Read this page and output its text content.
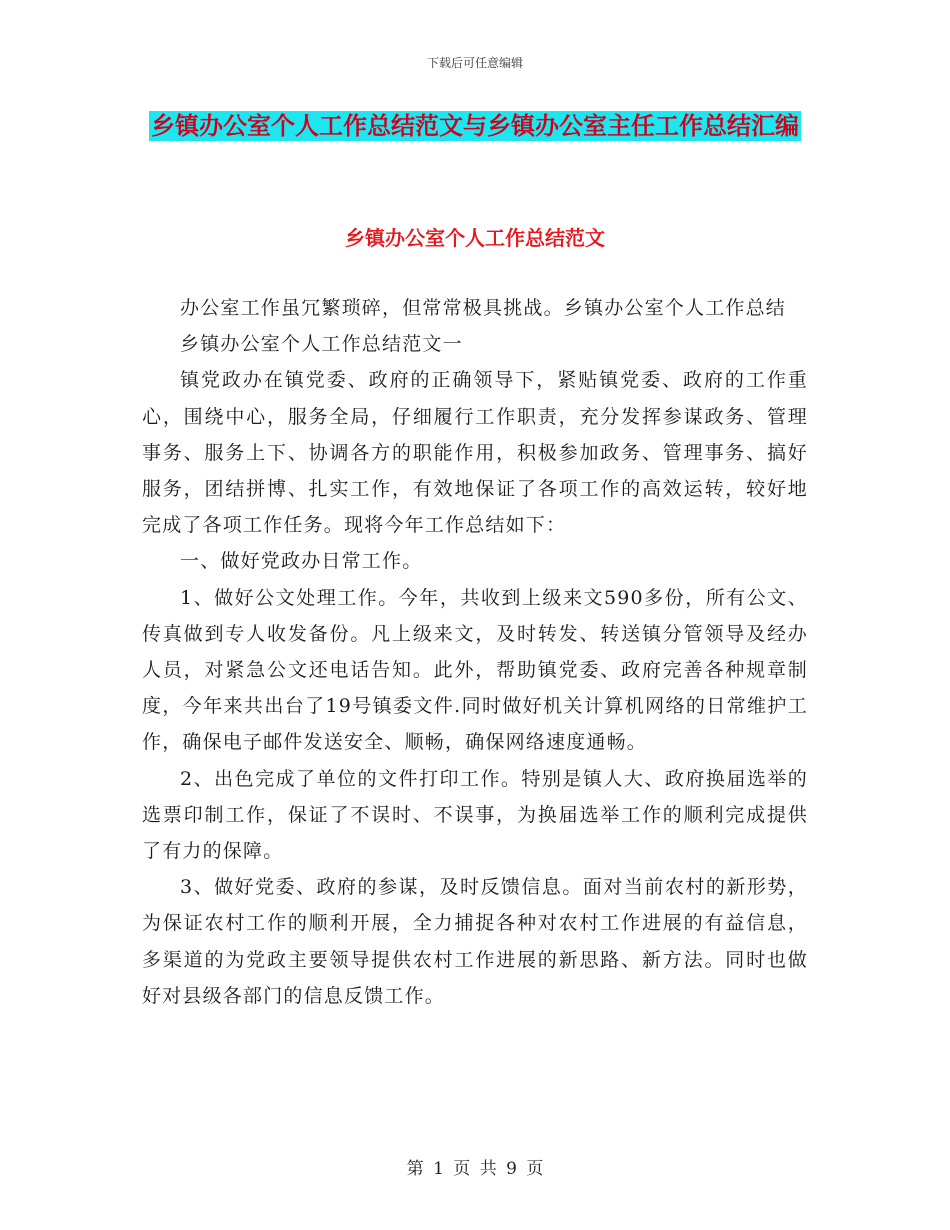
下载后可任意编辑
乡镇办公室个人工作总结范文与乡镇办公室主任工作总结汇编
乡镇办公室个人工作总结范文

办公室工作虽冗繁琐碎，但常常极具挑战。乡镇办公室个人工作总结

乡镇办公室个人工作总结范文一

镇党政办在镇党委、政府的正确领导下，紧贴镇党委、政府的工作重心，围绕中心，服务全局，仔细履行工作职责，充分发挥参谋政务、管理事务、服务上下、协调各方的职能作用，积极参加政务、管理事务、搞好服务，团结拼博、扎实工作，有效地保证了各项工作的高效运转，较好地完成了各项工作任务。现将今年工作总结如下：

一、做好党政办日常工作。

1、做好公文处理工作。今年，共收到上级来文590多份，所有公文、传真做到专人收发备份。凡上级来文，及时转发、转送镇分管领导及经办人员，对紧急公文还电话告知。此外，帮助镇党委、政府完善各种规章制度，今年来共出台了19号镇委文件.同时做好机关计算机网络的日常维护工作，确保电子邮件发送安全、顺畅，确保网络速度通畅。

2、出色完成了单位的文件打印工作。特别是镇人大、政府换届选举的选票印制工作，保证了不误时、不误事，为换届选举工作的顺利完成提供了有力的保障。

3、做好党委、政府的参谋，及时反馈信息。面对当前农村的新形势，为保证农村工作的顺利开展，全力捕捉各种对农村工作进展的有益信息，多渠道的为党政主要领导提供农村工作进展的新思路、新方法。同时也做好对县级各部门的信息反馈工作。

第 1 页 共 9 页
